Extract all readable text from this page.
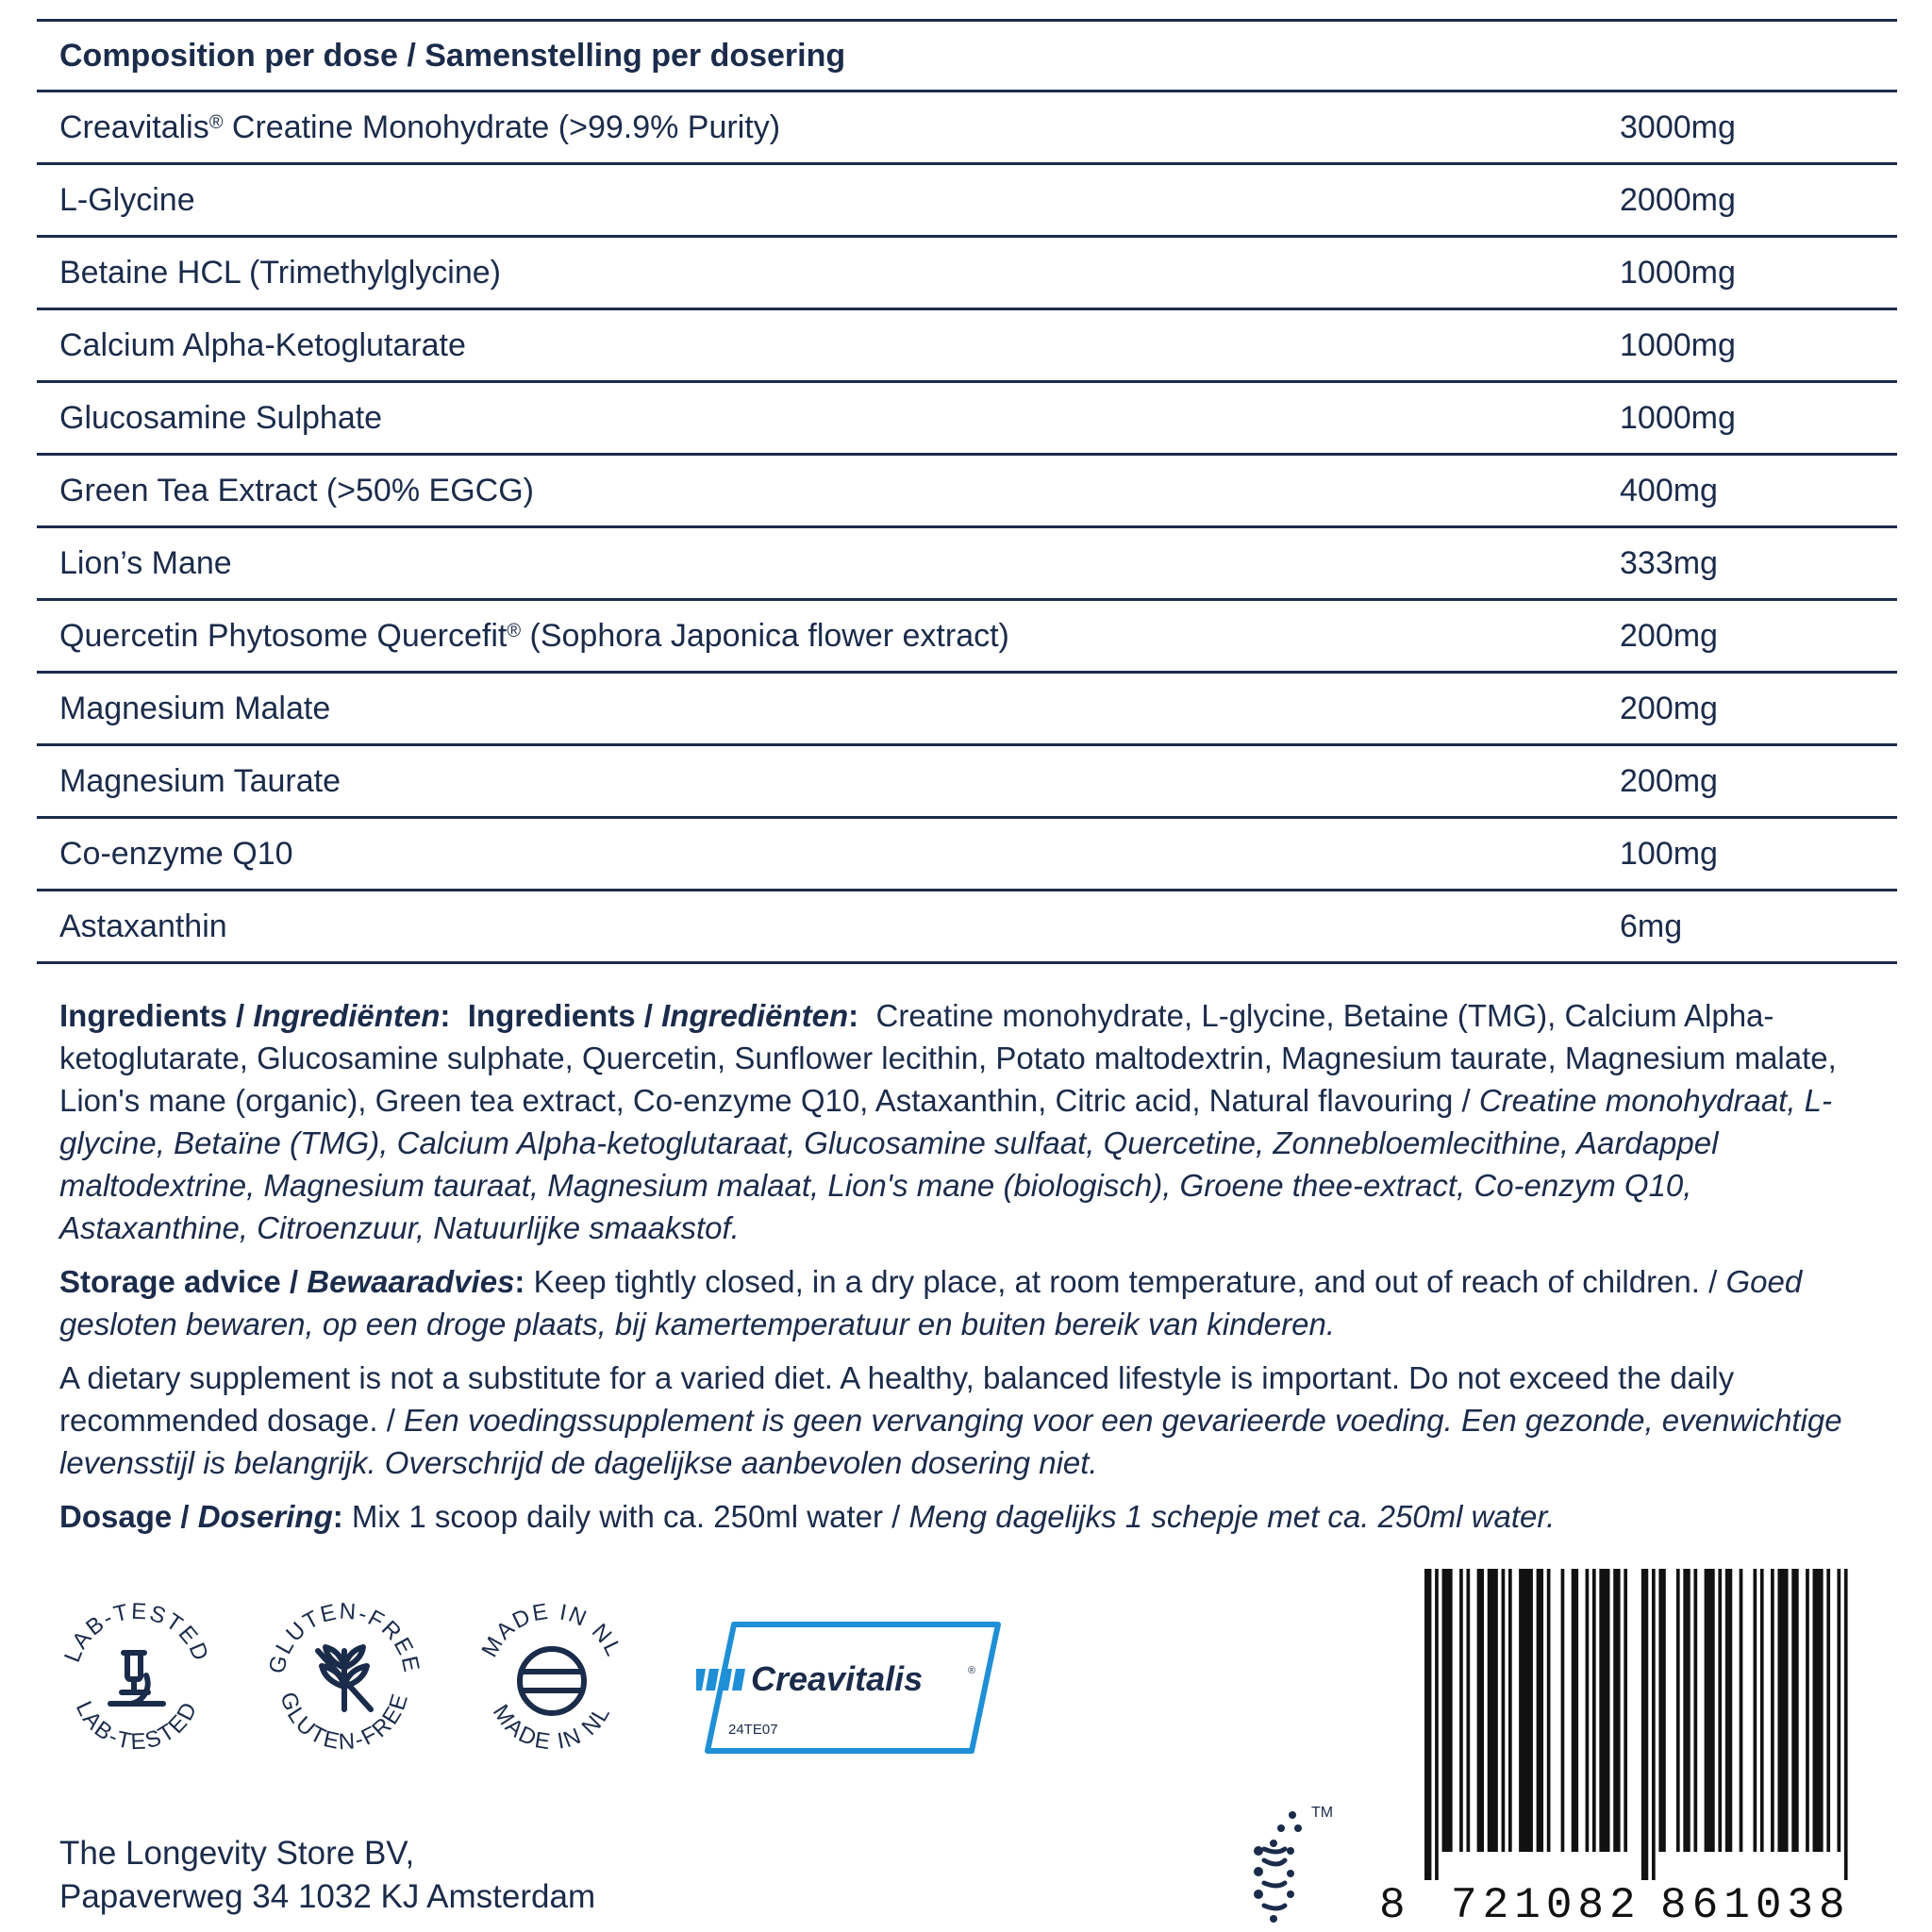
Composition per dose / Samenstelling per dosering
Creavitalis® Creatine Monohydrate (>99.9% Purity)	3000mg
L-Glycine	2000mg
Betaine HCL (Trimethylglycine)	1000mg
Calcium Alpha-Ketoglutarate	1000mg
Glucosamine Sulphate	1000mg
Green Tea Extract (>50% EGCG)	400mg
Lion’s Mane	333mg
Quercetin Phytosome Quercefit® (Sophora Japonica flower extract)	200mg
Magnesium Malate	200mg
Magnesium Taurate	200mg
Co-enzyme Q10	100mg
Astaxanthin	6mg

Ingredients / Ingrediënten: Ingredients / Ingrediënten:  Creatine monohydrate, L-glycine, Betaine (TMG), Calcium Alpha-ketoglutarate, Glucosamine sulphate, Quercetin, Sunflower lecithin, Potato maltodextrin, Magnesium taurate, Magnesium malate, Lion's mane (organic), Green tea extract, Co-enzyme Q10, Astaxanthin, Citric acid, Natural flavouring / Creatine monohydraat, L-glycine, Betaïne (TMG), Calcium Alpha-ketoglutaraat, Glucosamine sulfaat, Quercetine, Zonnebloemlecithine, Aardappel maltodextrine, Magnesium tauraat, Magnesium malaat, Lion's mane (biologisch), Groene thee-extract, Co-enzym Q10, Astaxanthine, Citroenzuur, Natuurlijke smaakstof.

Storage advice / Bewaaradvies: Keep tightly closed, in a dry place, at room temperature, and out of reach of children. / Goed gesloten bewaren, op een droge plaats, bij kamertemperatuur en buiten bereik van kinderen.

A dietary supplement is not a substitute for a varied diet. A healthy, balanced lifestyle is important. Do not exceed the daily recommended dosage. / Een voedingssupplement is geen vervanging voor een gevarieerde voeding. Een gezonde, evenwichtige levensstijl is belangrijk. Overschrijd de dagelijkse aanbevolen dosering niet.

Dosage / Dosering: Mix 1 scoop daily with ca. 250ml water / Meng dagelijks 1 schepje met ca. 250ml water.

LAB-TESTED
LAB-TESTED
GLUTEN-FREE
GLUTEN-FREE
MADE IN NL
MADE IN NL
Creavitalis	®
24TE07
The Longevity Store BV,
Papaverweg 34 1032 KJ Amsterdam
TM
8 721082 861038
